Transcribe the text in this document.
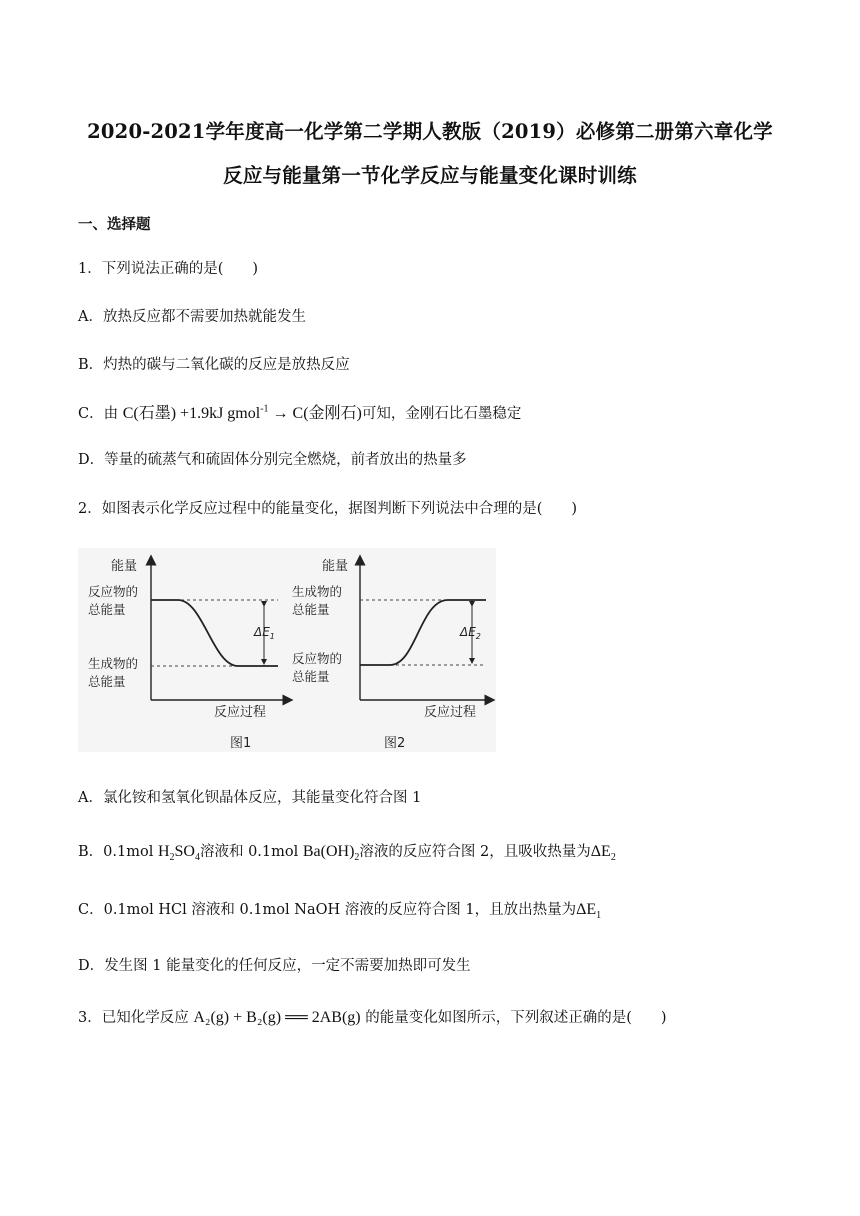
2020-2021学年度高一化学第二学期人教版（2019）必修第二册第六章化学
反应与能量第一节化学反应与能量变化课时训练
一、选择题
1．下列说法正确的是(　　)
A．放热反应都不需要加热就能发生
B．灼热的碳与二氧化碳的反应是放热反应
C．由 C(石墨) +1.9kJ gmol$^{-1}$ → C(金刚石)可知，金刚石比石墨稳定
D．等量的硫蒸气和硫固体分别完全燃烧，前者放出的热量多
2．如图表示化学反应过程中的能量变化，据图判断下列说法中合理的是(　　)
能量
反应物的
总能量
生成物的
总能量
$\Delta E_1$
反应过程
图1
能量
生成物的
总能量
反应物的
总能量
$\Delta E_2$
反应过程
图2
A．氯化铵和氢氧化钡晶体反应，其能量变化符合图 1
B．0.1mol $H_2SO_4$溶液和 0.1mol $Ba(OH)_2$溶液的反应符合图 2，且吸收热量为$\Delta E_2$
C．0.1mol HCl 溶液和 0.1mol NaOH 溶液的反应符合图 1，且放出热量为$\Delta E_1$
D．发生图 1 能量变化的任何反应，一定不需要加热即可发生
3．已知化学反应 A₂(g) + B₂(g) ══ 2AB(g) 的能量变化如图所示，下列叙述正确的是(　　)
